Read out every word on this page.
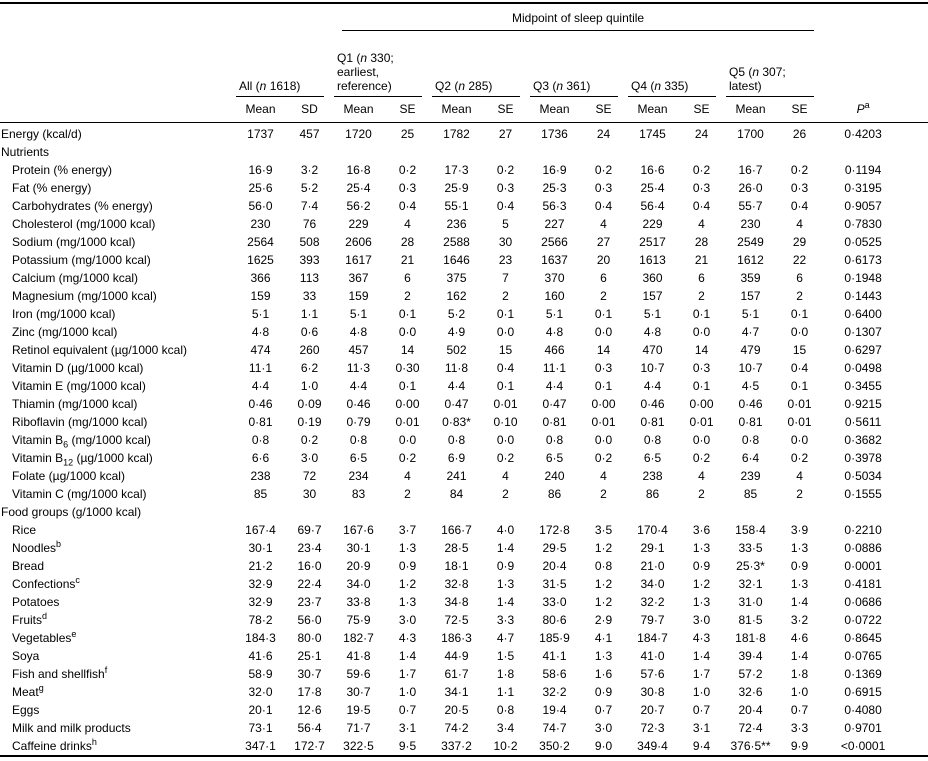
			Midpoint of sleep quintile										

	All (n 1618)		Q1 (n 330; earliest, reference)		Q2 (n 285)		Q3 (n 361)		Q4 (n 335)		Q5 (n 307; latest)		

	Mean	SD	Mean	SE	Mean	SE	Mean	SE	Mean	SE	Mean	SE	$P^a$
Energy (kcal/d)	1737	457	1720	25	1782	27	1736	24	1745	24	1700	26	0·4203
Nutrients													
Protein (% energy)	16·9	3·2	16·8	0·2	17·3	0·2	16·9	0·2	16·6	0·2	16·7	0·2	0·1194
Fat (% energy)	25·6	5·2	25·4	0·3	25·9	0·3	25·3	0·3	25·4	0·3	26·0	0·3	0·3195
Carbohydrates (% energy)	56·0	7·4	56·2	0·4	55·1	0·4	56·3	0·4	56·4	0·4	55·7	0·4	0·9057
Cholesterol (mg/1000 kcal)	230	76	229	4	236	5	227	4	229	4	230	4	0·7830
Sodium (mg/1000 kcal)	2564	508	2606	28	2588	30	2566	27	2517	28	2549	29	0·0525
Potassium (mg/1000 kcal)	1625	393	1617	21	1646	23	1637	20	1613	21	1612	22	0·6173
Calcium (mg/1000 kcal)	366	113	367	6	375	7	370	6	360	6	359	6	0·1948
Magnesium (mg/1000 kcal)	159	33	159	2	162	2	160	2	157	2	157	2	0·1443
Iron (mg/1000 kcal)	5·1	1·1	5·1	0·1	5·2	0·1	5·1	0·1	5·1	0·1	5·1	0·1	0·6400
Zinc (mg/1000 kcal)	4·8	0·6	4·8	0·0	4·9	0·0	4·8	0·0	4·8	0·0	4·7	0·0	0·1307
Retinol equivalent (µg/1000 kcal)	474	260	457	14	502	15	466	14	470	14	479	15	0·6297
Vitamin D (µg/1000 kcal)	11·1	6·2	11·3	0·30	11·8	0·4	11·1	0·3	10·7	0·3	10·7	0·4	0·0498
Vitamin E (mg/1000 kcal)	4·4	1·0	4·4	0·1	4·4	0·1	4·4	0·1	4·4	0·1	4·5	0·1	0·3455
Thiamin (mg/1000 kcal)	0·46	0·09	0·46	0·00	0·47	0·01	0·47	0·00	0·46	0·00	0·46	0·01	0·9215
Riboflavin (mg/1000 kcal)	0·81	0·19	0·79	0·01	0·83*	0·10	0·81	0·01	0·81	0·01	0·81	0·01	0·5611
Vitamin $B_6$ (mg/1000 kcal)	0·8	0·2	0·8	0·0	0·8	0·0	0·8	0·0	0·8	0·0	0·8	0·0	0·3682
Vitamin $B_{12}$ (µg/1000 kcal)	6·6	3·0	6·5	0·2	6·9	0·2	6·5	0·2	6·5	0·2	6·4	0·2	0·3978
Folate (µg/1000 kcal)	238	72	234	4	241	4	240	4	238	4	239	4	0·5034
Vitamin C (mg/1000 kcal)	85	30	83	2	84	2	86	2	86	2	85	2	0·1555
Food groups (g/1000 kcal)													
Rice	167·4	69·7	167·6	3·7	166·7	4·0	172·8	3·5	170·4	3·6	158·4	3·9	0·2210
Noodles$^b$	30·1	23·4	30·1	1·3	28·5	1·4	29·5	1·2	29·1	1·3	33·5	1·3	0·0886
Bread	21·2	16·0	20·9	0·9	18·1	0·9	20·4	0·8	21·0	0·9	25·3*	0·9	0·0001
Confections$^c$	32·9	22·4	34·0	1·2	32·8	1·3	31·5	1·2	34·0	1·2	32·1	1·3	0·4181
Potatoes	32·9	23·7	33·8	1·3	34·8	1·4	33·0	1·2	32·2	1·3	31·0	1·4	0·0686
Fruits$^d$	78·2	56·0	75·9	3·0	72·5	3·3	80·6	2·9	79·7	3·0	81·5	3·2	0·0722
Vegetables$^e$	184·3	80·0	182·7	4·3	186·3	4·7	185·9	4·1	184·7	4·3	181·8	4·6	0·8645
Soya	41·6	25·1	41·8	1·4	44·9	1·5	41·1	1·3	41·0	1·4	39·4	1·4	0·0765
Fish and shellfish$^f$	58·9	30·7	59·6	1·7	61·7	1·8	58·6	1·6	57·6	1·7	57·2	1·8	0·1369
Meat$^g$	32·0	17·8	30·7	1·0	34·1	1·1	32·2	0·9	30·8	1·0	32·6	1·0	0·6915
Eggs	20·1	12·6	19·5	0·7	20·5	0·8	19·4	0·7	20·7	0·7	20·4	0·7	0·4080
Milk and milk products	73·1	56·4	71·7	3·1	74·2	3·4	74·7	3·0	72·3	3·1	72·4	3·3	0·9701
Caffeine drinks$^h$	347·1	172·7	322·5	9·5	337·2	10·2	350·2	9·0	349·4	9·4	376·5**	9·9	<0·0001
